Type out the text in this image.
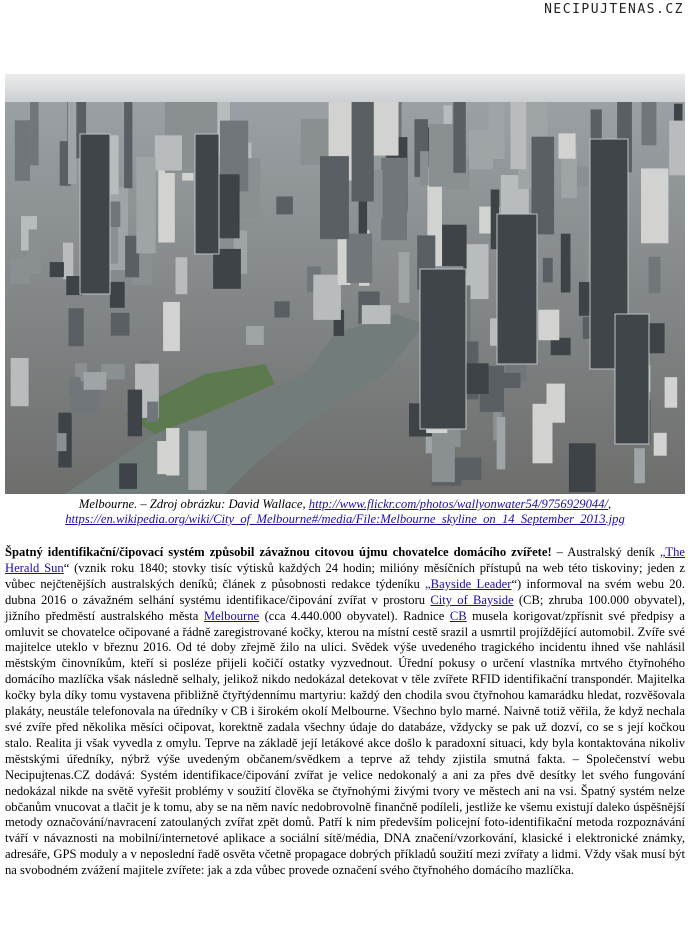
NECIPUJTENAS.CZ
Melbourne. – Zdroj obrázku: David Wallace, http://www.flickr.com/photos/wallyonwater54/9756929044/,
https://en.wikipedia.org/wiki/City_of_Melbourne#/media/File:Melbourne_skyline_on_14_September_2013.jpg
Špatný identifikační/čipovací systém způsobil závažnou citovou újmu chovatelce domácího zvířete! – Australský deník „The Herald Sun“ (vznik roku 1840; stovky tisíc výtisků každých 24 hodin; milióny měsíčních přístupů na web této tiskoviny; jeden z vůbec nejčtenějších australských deníků; článek z působnosti redakce týdeníku „Bayside Leader“) informoval na svém webu 20. dubna 2016 o závažném selhání systému identifikace/čipování zvířat v prostoru City of Bayside (CB; zhruba 100.000 obyvatel), jižního předměstí australského města Melbourne (cca 4.440.000 obyvatel). Radnice CB musela korigovat/zpřísnit své předpisy a omluvit se chovatelce očipované a řádně zaregistrované kočky, kterou na místní cestě srazil a usmrtil projíždějící automobil. Zvíře své majitelce uteklo v březnu 2016. Od té doby zřejmě žilo na ulici. Svědek výše uvedeného tragického incidentu ihned vše nahlásil městským činovníkům, kteří si posléze přijeli kočičí ostatky vyzvednout. Úřední pokusy o určení vlastníka mrtvého čtyřnohého domácího mazlíčka však následně selhaly, jelikož nikdo nedokázal detekovat v těle zvířete RFID identifikační transpondér. Majitelka kočky byla díky tomu vystavena přibližně čtyřtýdennímu martyriu: každý den chodila svou čtyřnohou kamarádku hledat, rozvěšovala plakáty, neustále telefonovala na úředníky v CB i širokém okolí Melbourne. Všechno bylo marné. Naivně totiž věřila, že když nechala své zvíře před několika měsíci očipovat, korektně zadala všechny údaje do databáze, vždycky se pak už dozví, co se s její kočkou stalo. Realita ji však vyvedla z omylu. Teprve na základě její letákové akce došlo k paradoxní situaci, kdy byla kontaktována nikoliv městskými úředníky, nýbrž výše uvedeným občanem/svědkem a teprve až tehdy zjistila smutná fakta. – Společenství webu Necipujtenas.CZ dodává: Systém identifikace/čipování zvířat je velice nedokonalý a ani za přes dvě desítky let svého fungování nedokázal nikde na světě vyřešit problémy v soužití člověka se čtyřnohými živými tvory ve městech ani na vsi. Špatný systém nelze občanům vnucovat a tlačit je k tomu, aby se na něm navíc nedobrovolně finančně podíleli, jestliže ke všemu existují daleko úspěšnější metody označování/navracení zatoulaných zvířat zpět domů. Patří k nim především policejní foto-identifikační metoda rozpoznávání tváří v návaznosti na mobilní/internetové aplikace a sociální sítě/média, DNA značení/vzorkování, klasické i elektronické známky, adresáře, GPS moduly a v neposlední řadě osvěta včetně propagace dobrých příkladů soužití mezi zvířaty a lidmi. Vždy však musí být na svobodném zvážení majitele zvířete: jak a zda vůbec provede označení svého čtyřnohého domácího mazlíčka.
